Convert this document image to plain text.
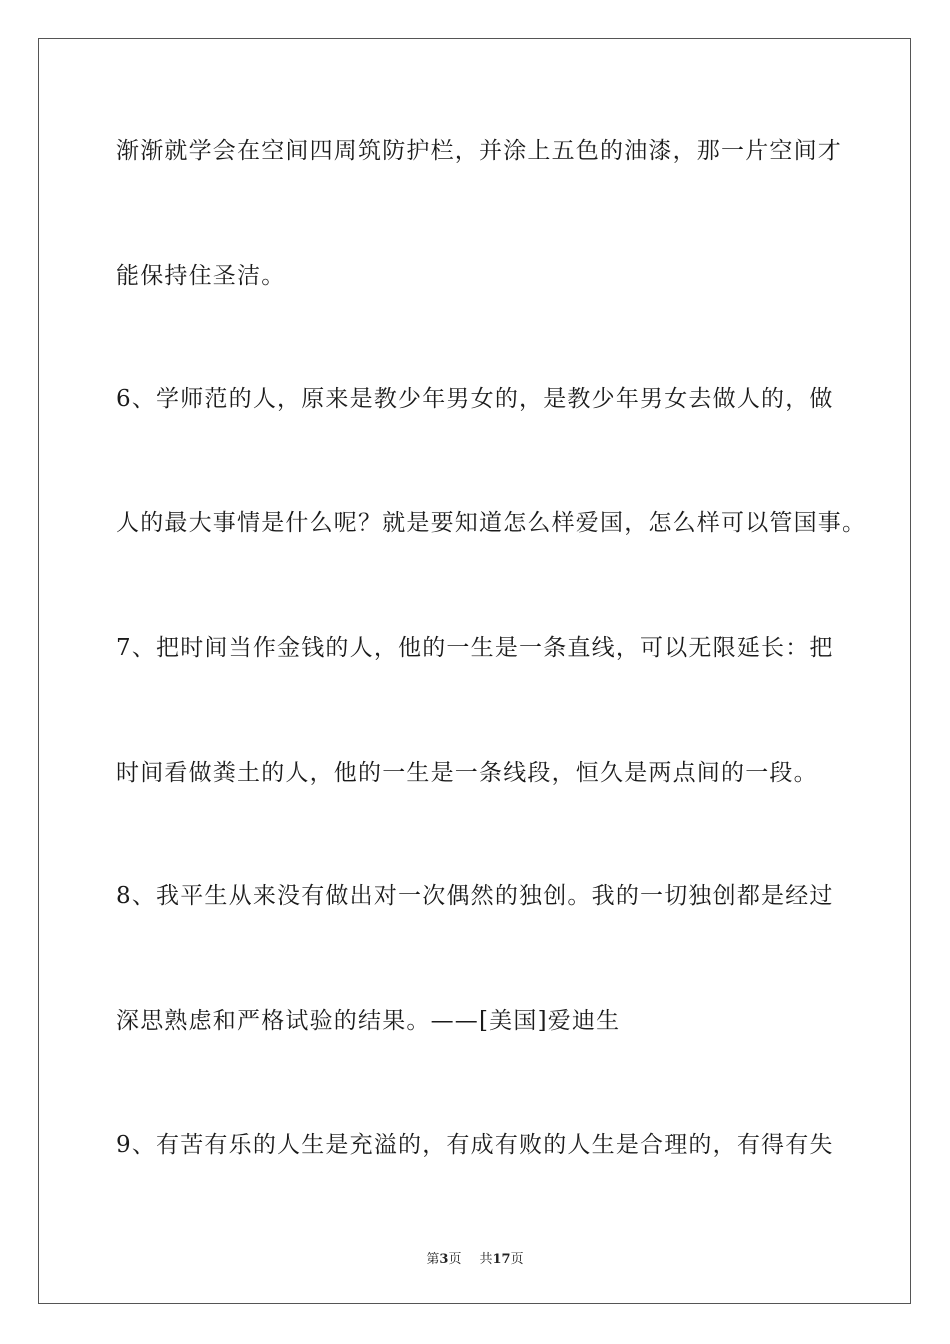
渐渐就学会在空间四周筑防护栏，并涂上五色的油漆，那一片空间才

能保持住圣洁。

6、学师范的人，原来是教少年男女的，是教少年男女去做人的，做

人的最大事情是什么呢？就是要知道怎么样爱国，怎么样可以管国事。

7、把时间当作金钱的人，他的一生是一条直线，可以无限延长：把

时间看做粪土的人，他的一生是一条线段，恒久是两点间的一段。

8、我平生从来没有做出对一次偶然的独创。我的一切独创都是经过

深思熟虑和严格试验的结果。——[美国]爱迪生

9、有苦有乐的人生是充溢的，有成有败的人生是合理的，有得有失

第3页 共17页
